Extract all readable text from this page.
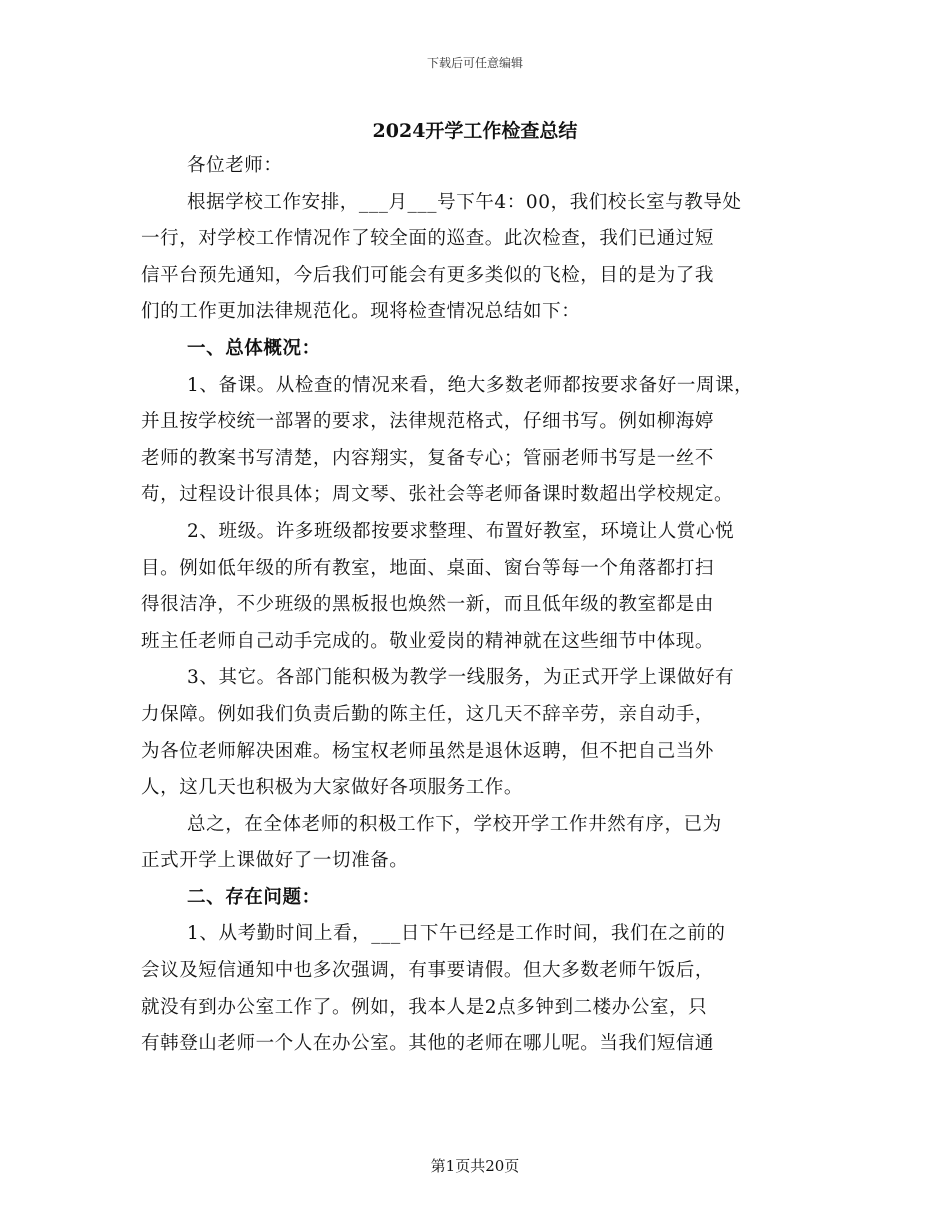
下载后可任意编辑
2024开学工作检查总结
各位老师：
根据学校工作安排，___月___号下午4：00，我们校长室与教导处
一行，对学校工作情况作了较全面的巡查。此次检查，我们已通过短
信平台预先通知，今后我们可能会有更多类似的飞检，目的是为了我
们的工作更加法律规范化。现将检查情况总结如下：
一、总体概况：
1、备课。从检查的情况来看，绝大多数老师都按要求备好一周课，
并且按学校统一部署的要求，法律规范格式，仔细书写。例如柳海婷
老师的教案书写清楚，内容翔实，复备专心；管丽老师书写是一丝不
苟，过程设计很具体；周文琴、张社会等老师备课时数超出学校规定。
2、班级。许多班级都按要求整理、布置好教室，环境让人赏心悦
目。例如低年级的所有教室，地面、桌面、窗台等每一个角落都打扫
得很洁净，不少班级的黑板报也焕然一新，而且低年级的教室都是由
班主任老师自己动手完成的。敬业爱岗的精神就在这些细节中体现。
3、其它。各部门能积极为教学一线服务，为正式开学上课做好有
力保障。例如我们负责后勤的陈主任，这几天不辞辛劳，亲自动手，
为各位老师解决困难。杨宝权老师虽然是退休返聘，但不把自己当外
人，这几天也积极为大家做好各项服务工作。
总之，在全体老师的积极工作下，学校开学工作井然有序，已为
正式开学上课做好了一切准备。
二、存在问题：
1、从考勤时间上看，___日下午已经是工作时间，我们在之前的
会议及短信通知中也多次强调，有事要请假。但大多数老师午饭后，
就没有到办公室工作了。例如，我本人是2点多钟到二楼办公室，只
有韩登山老师一个人在办公室。其他的老师在哪儿呢。当我们短信通
第1页共20页
